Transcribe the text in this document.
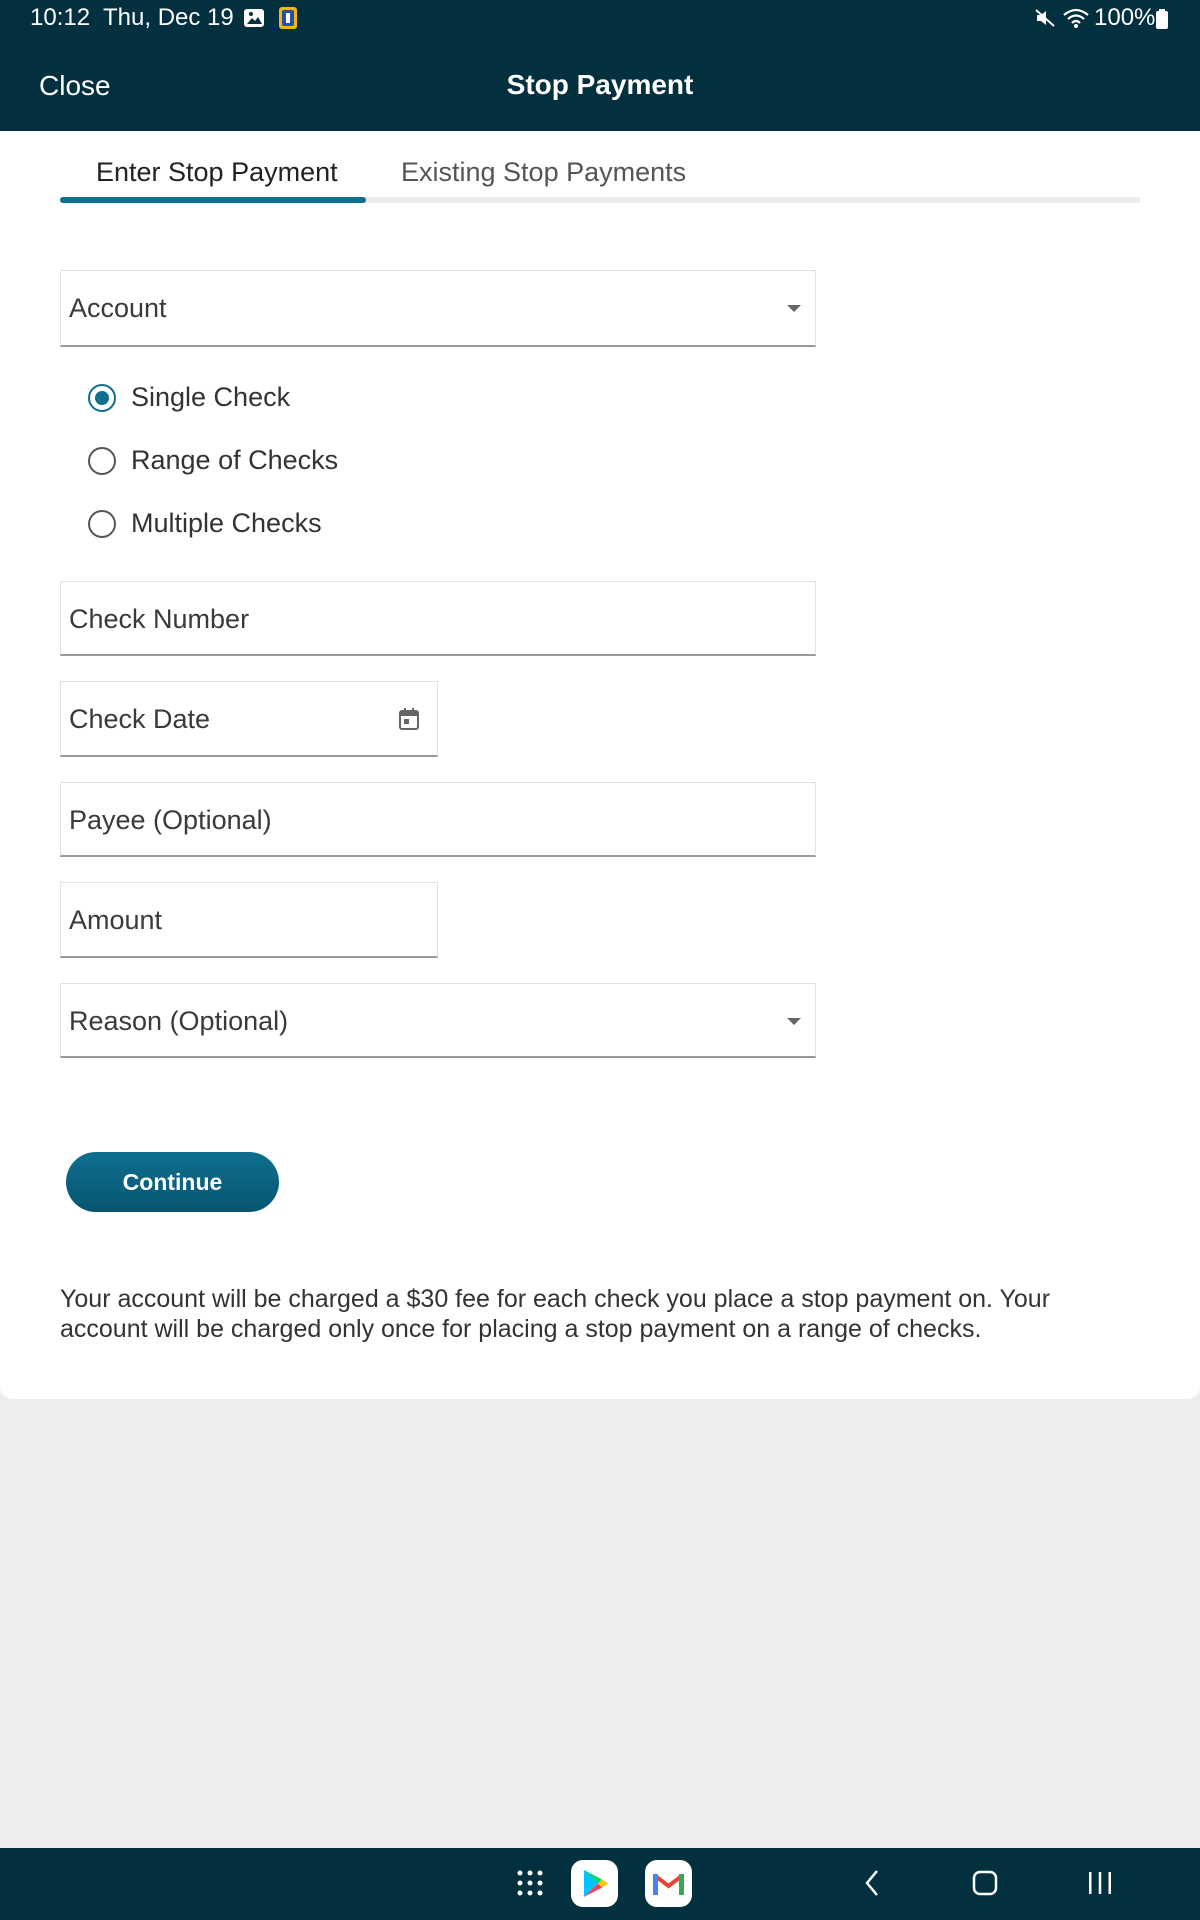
10:12 Thu, Dec 19	100%
Close	Stop Payment
Enter Stop Payment Existing Stop Payments
Account
Single Check
Range of Checks
Multiple Checks
Check Number
Check Date
Payee (Optional)
Amount
Reason (Optional)
Continue
Your account will be charged a $30 fee for each check you place a stop payment on. Your account will be charged only once for placing a stop payment on a range of checks.
